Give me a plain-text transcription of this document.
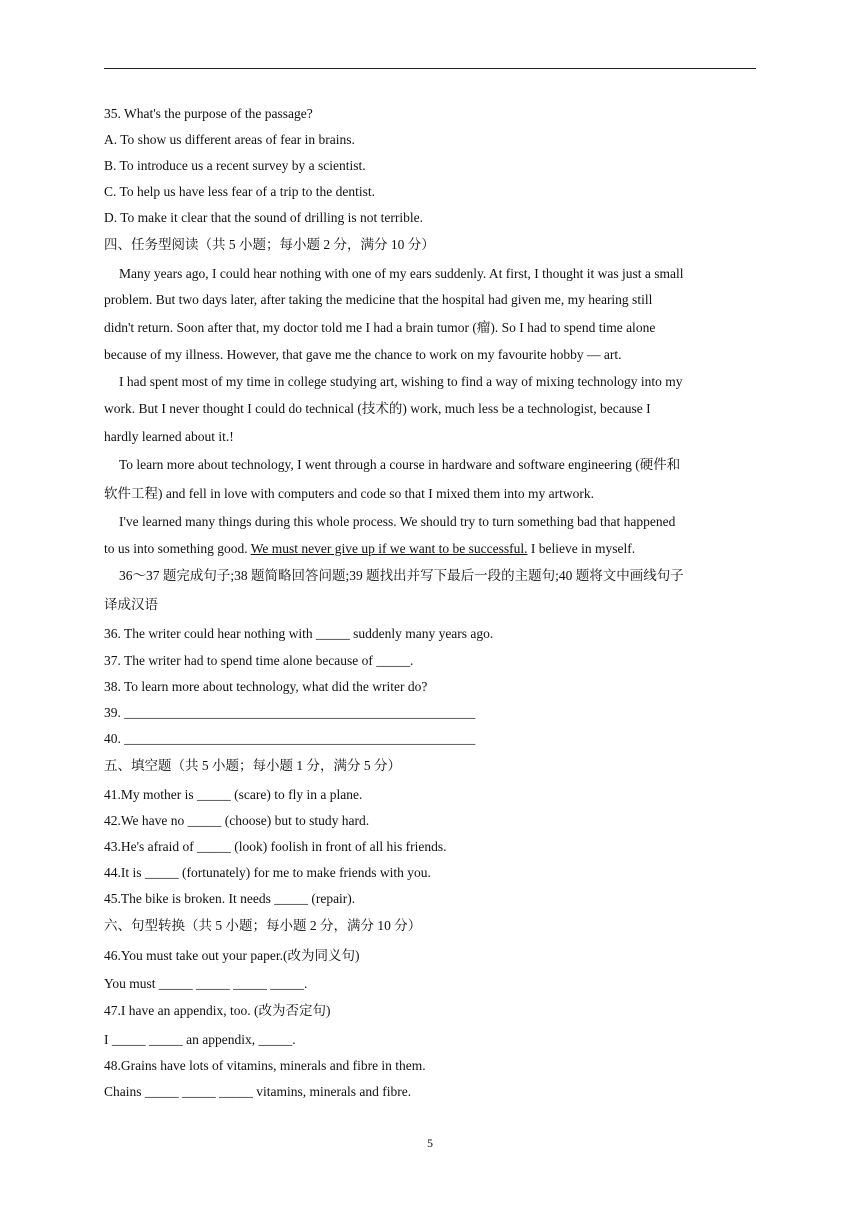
35. What's the purpose of the passage?
A. To show us different areas of fear in brains.
B. To introduce us a recent survey by a scientist.
C. To help us have less fear of a trip to the dentist.
D. To make it clear that the sound of drilling is not terrible.
四、任务型阅读（共 5 小题；每小题 2 分，满分 10 分）
Many years ago, I could hear nothing with one of my ears suddenly. At first, I thought it was just a small
problem. But two days later, after taking the medicine that the hospital had given me, my hearing still
didn't return. Soon after that, my doctor told me I had a brain tumor (瘤). So I had to spend time alone
because of my illness. However, that gave me the chance to work on my favourite hobby — art.
I had spent most of my time in college studying art, wishing to find a way of mixing technology into my
work. But I never thought I could do technical (技术的) work, much less be a technologist, because I
hardly learned about it.!
To learn more about technology, I went through a course in hardware and software engineering (硬件和
软件工程) and fell in love with computers and code so that I mixed them into my artwork.
I've learned many things during this whole process. We should try to turn something bad that happened
to us into something good. We must never give up if we want to be successful. I believe in myself.
36～37 题完成句子;38 题简略回答问题;39 题找出并写下最后一段的主题句;40 题将文中画线句子
译成汉语
36. The writer could hear nothing with _____ suddenly many years ago.
37. The writer had to spend time alone because of _____.
38. To learn more about technology, what did the writer do?
39. ____________________________________________________
40. ____________________________________________________
五、填空题（共 5 小题；每小题 1 分，满分 5 分）
41.My mother is _____ (scare) to fly in a plane.
42.We have no _____ (choose) but to study hard.
43.He's afraid of _____ (look) foolish in front of all his friends.
44.It is _____ (fortunately) for me to make friends with you.
45.The bike is broken. It needs _____ (repair).
六、句型转换（共 5 小题；每小题 2 分，满分 10 分）
46.You must take out your paper.(改为同义句)
You must _____ _____ _____ _____.
47.I have an appendix, too. (改为否定句)
I _____ _____ an appendix, _____.
48.Grains have lots of vitamins, minerals and fibre in them.
Chains _____ _____ _____ vitamins, minerals and fibre.
5
